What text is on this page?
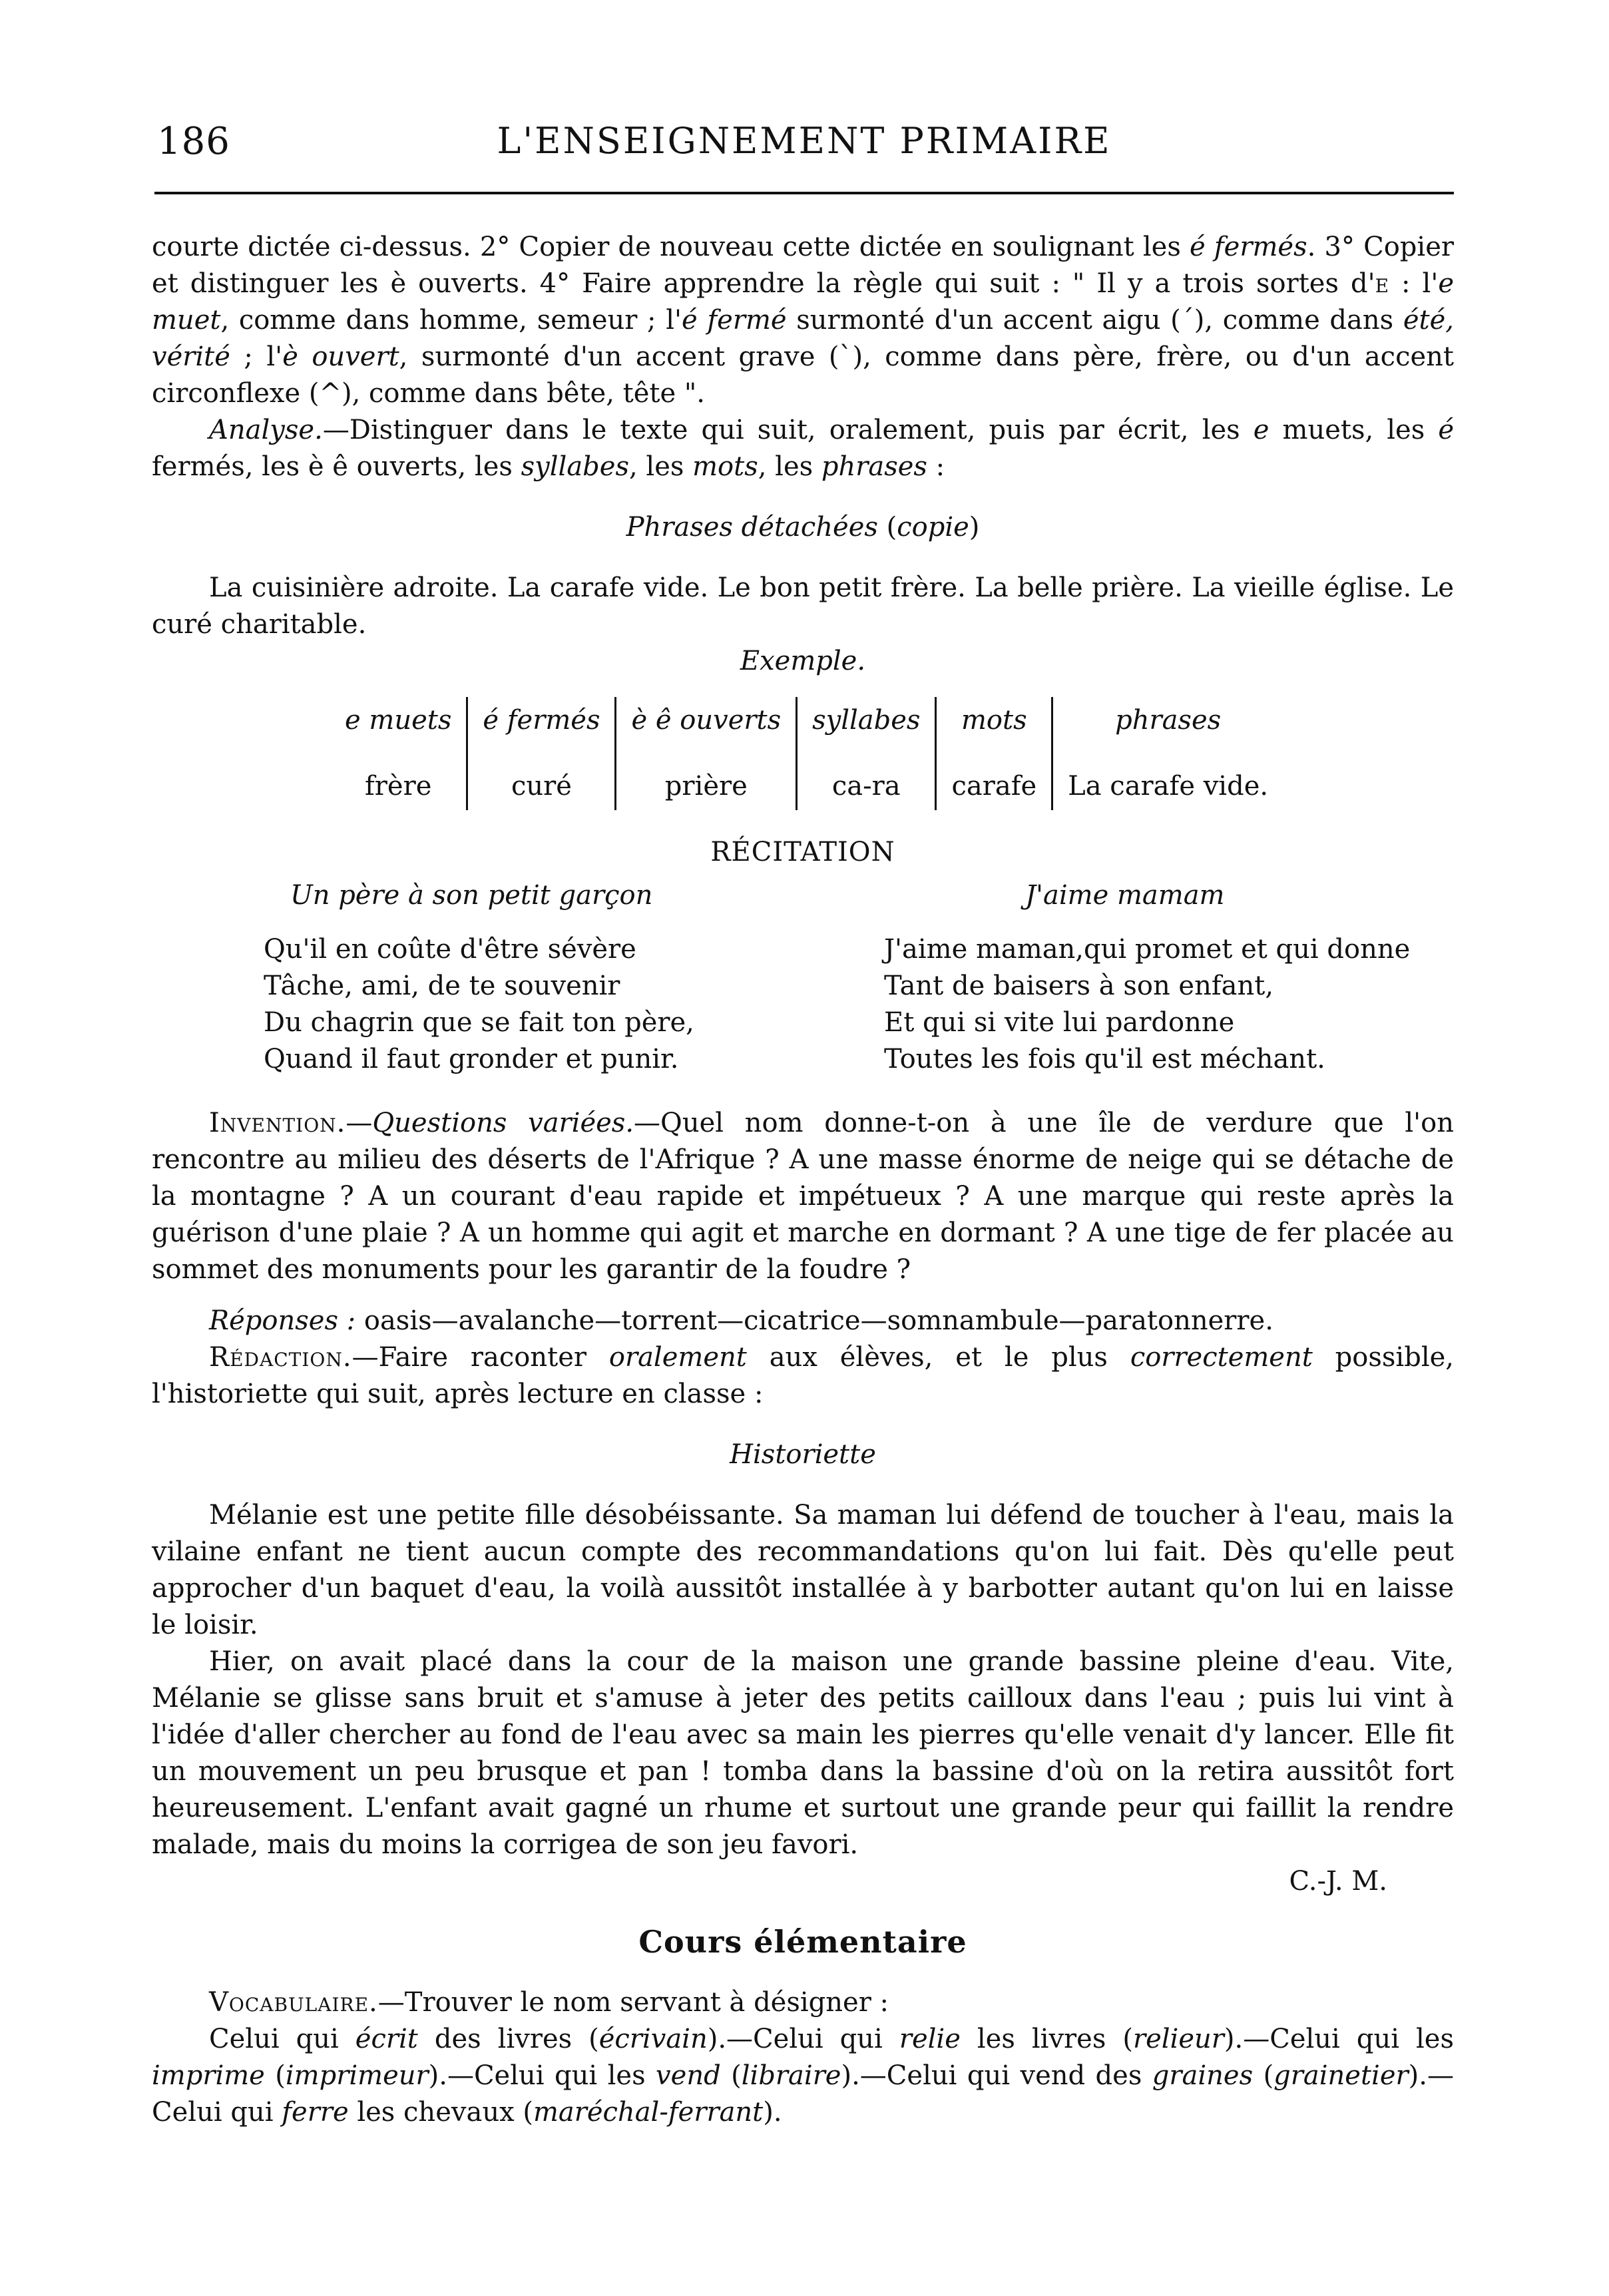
186	L'ENSEIGNEMENT PRIMAIRE

courte dictée ci-dessus. 2° Copier de nouveau cette dictée en soulignant les é fermés. 3° Copier et distinguer les è ouverts. 4° Faire apprendre la règle qui suit : " Il y a trois sortes d'e : l'e muet, comme dans homme, semeur ; l'é fermé surmonté d'un accent aigu (´), comme dans été, vérité ; l'è ouvert, surmonté d'un accent grave (`), comme dans père, frère, ou d'un accent circonflexe (^), comme dans bête, tête ".

Analyse.—Distinguer dans le texte qui suit, oralement, puis par écrit, les e muets, les é fermés, les è ê ouverts, les syllabes, les mots, les phrases :

Phrases détachées (copie)

La cuisinière adroite. La carafe vide. Le bon petit frère. La belle prière. La vieille église. Le curé charitable.

Exemple.

e muets	é fermés	è ê ouverts	syllabes	mots	phrases
frère	curé	prière	ca-ra	carafe	La carafe vide.

RÉCITATION

Un père à son petit garçon
Qu'il en coûte d'être sévère
Tâche, ami, de te souvenir
Du chagrin que se fait ton père,
Quand il faut gronder et punir.
J'aime mamam
J'aime maman,qui promet et qui donne
Tant de baisers à son enfant,
Et qui si vite lui pardonne
Toutes les fois qu'il est méchant.

Invention.—Questions variées.—Quel nom donne-t-on à une île de verdure que l'on rencontre au milieu des déserts de l'Afrique ? A une masse énorme de neige qui se détache de la montagne ? A un courant d'eau rapide et impétueux ? A une marque qui reste après la guérison d'une plaie ? A un homme qui agit et marche en dormant ? A une tige de fer placée au sommet des monuments pour les garantir de la foudre ?

Réponses : oasis—avalanche—torrent—cicatrice—somnambule—paratonnerre.

Rédaction.—Faire raconter oralement aux élèves, et le plus correctement possible, l'historiette qui suit, après lecture en classe :

Historiette

Mélanie est une petite fille désobéissante. Sa maman lui défend de toucher à l'eau, mais la vilaine enfant ne tient aucun compte des recommandations qu'on lui fait. Dès qu'elle peut approcher d'un baquet d'eau, la voilà aussitôt installée à y barbotter autant qu'on lui en laisse le loisir.

Hier, on avait placé dans la cour de la maison une grande bassine pleine d'eau. Vite, Mélanie se glisse sans bruit et s'amuse à jeter des petits cailloux dans l'eau ; puis lui vint à l'idée d'aller chercher au fond de l'eau avec sa main les pierres qu'elle venait d'y lancer. Elle fit un mouvement un peu brusque et pan ! tomba dans la bassine d'où on la retira aussitôt fort heureusement. L'enfant avait gagné un rhume et surtout une grande peur qui faillit la rendre malade, mais du moins la corrigea de son jeu favori.

C.-J. M.

Cours élémentaire

Vocabulaire.—Trouver le nom servant à désigner :

Celui qui écrit des livres (écrivain).—Celui qui relie les livres (relieur).—Celui qui les imprime (imprimeur).—Celui qui les vend (libraire).—Celui qui vend des graines (grainetier).—Celui qui ferre les chevaux (maréchal-ferrant).
